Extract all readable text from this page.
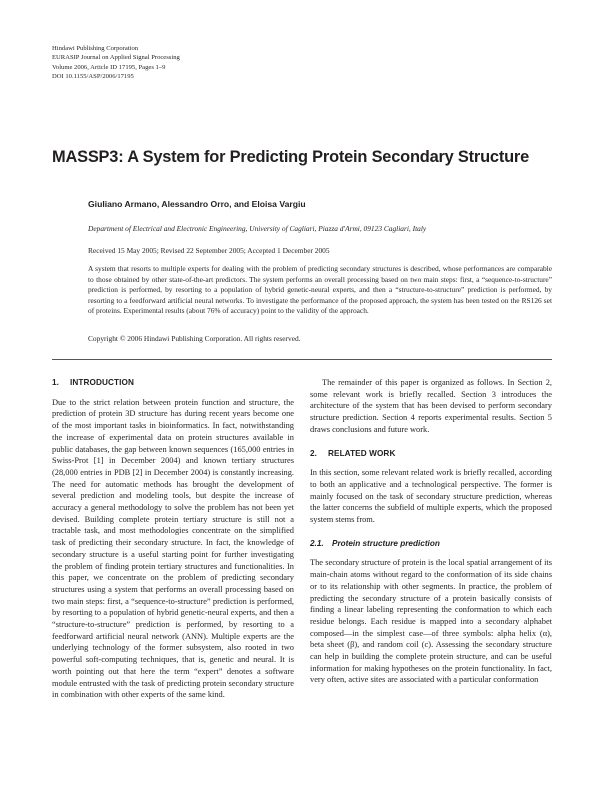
Hindawi Publishing Corporation
EURASIP Journal on Applied Signal Processing
Volume 2006, Article ID 17195, Pages 1–9
DOI 10.1155/ASP/2006/17195
MASSP3: A System for Predicting Protein Secondary Structure
Giuliano Armano, Alessandro Orro, and Eloisa Vargiu
Department of Electrical and Electronic Engineering, University of Cagliari, Piazza d'Armi, 09123 Cagliari, Italy
Received 15 May 2005; Revised 22 September 2005; Accepted 1 December 2005
A system that resorts to multiple experts for dealing with the problem of predicting secondary structures is described, whose performances are comparable to those obtained by other state-of-the-art predictors. The system performs an overall processing based on two main steps: first, a “sequence-to-structure” prediction is performed, by resorting to a population of hybrid genetic-neural experts, and then a “structure-to-structure” prediction is performed, by resorting to a feedforward artificial neural networks. To investigate the performance of the proposed approach, the system has been tested on the RS126 set of proteins. Experimental results (about 76% of accuracy) point to the validity of the approach.
Copyright © 2006 Hindawi Publishing Corporation. All rights reserved.
1. INTRODUCTION

Due to the strict relation between protein function and structure, the prediction of protein 3D structure has during recent years become one of the most important tasks in bioinformatics. In fact, notwithstanding the increase of experimental data on protein structures available in public databases, the gap between known sequences (165,000 entries in Swiss-Prot [1] in December 2004) and known tertiary structures (28,000 entries in PDB [2] in December 2004) is constantly increasing. The need for automatic methods has brought the development of several prediction and modeling tools, but despite the increase of accuracy a general methodology to solve the problem has not been yet devised. Building complete protein tertiary structure is still not a tractable task, and most methodologies concentrate on the simplified task of predicting their secondary structure. In fact, the knowledge of secondary structure is a useful starting point for further investigating the problem of finding protein tertiary structures and functionalities. In this paper, we concentrate on the problem of predicting secondary structures using a system that performs an overall processing based on two main steps: first, a “sequence-to-structure” prediction is performed, by resorting to a population of hybrid genetic-neural experts, and then a “structure-to-structure” prediction is performed, by resorting to a feedforward artificial neural network (ANN). Multiple experts are the underlying technology of the former subsystem, also rooted in two powerful soft-computing techniques, that is, genetic and neural. It is worth pointing out that here the term “expert” denotes a software module entrusted with the task of predicting protein secondary structure in combination with other experts of the same kind.

The remainder of this paper is organized as follows. In Section 2, some relevant work is briefly recalled. Section 3 introduces the architecture of the system that has been devised to perform secondary structure prediction. Section 4 reports experimental results. Section 5 draws conclusions and future work.

2. RELATED WORK

In this section, some relevant related work is briefly recalled, according to both an applicative and a technological perspective. The former is mainly focused on the task of secondary structure prediction, whereas the latter concerns the subfield of multiple experts, which the proposed system stems from.

2.1. Protein structure prediction

The secondary structure of protein is the local spatial arrangement of its main-chain atoms without regard to the conformation of its side chains or to its relationship with other segments. In practice, the problem of predicting the secondary structure of a protein basically consists of finding a linear labeling representing the conformation to which each residue belongs. Each residue is mapped into a secondary alphabet composed—in the simplest case—of three symbols: alpha helix (α), beta sheet (β), and random coil (c). Assessing the secondary structure can help in building the complete protein structure, and can be useful information for making hypotheses on the protein functionality. In fact, very often, active sites are associated with a particular conformation
